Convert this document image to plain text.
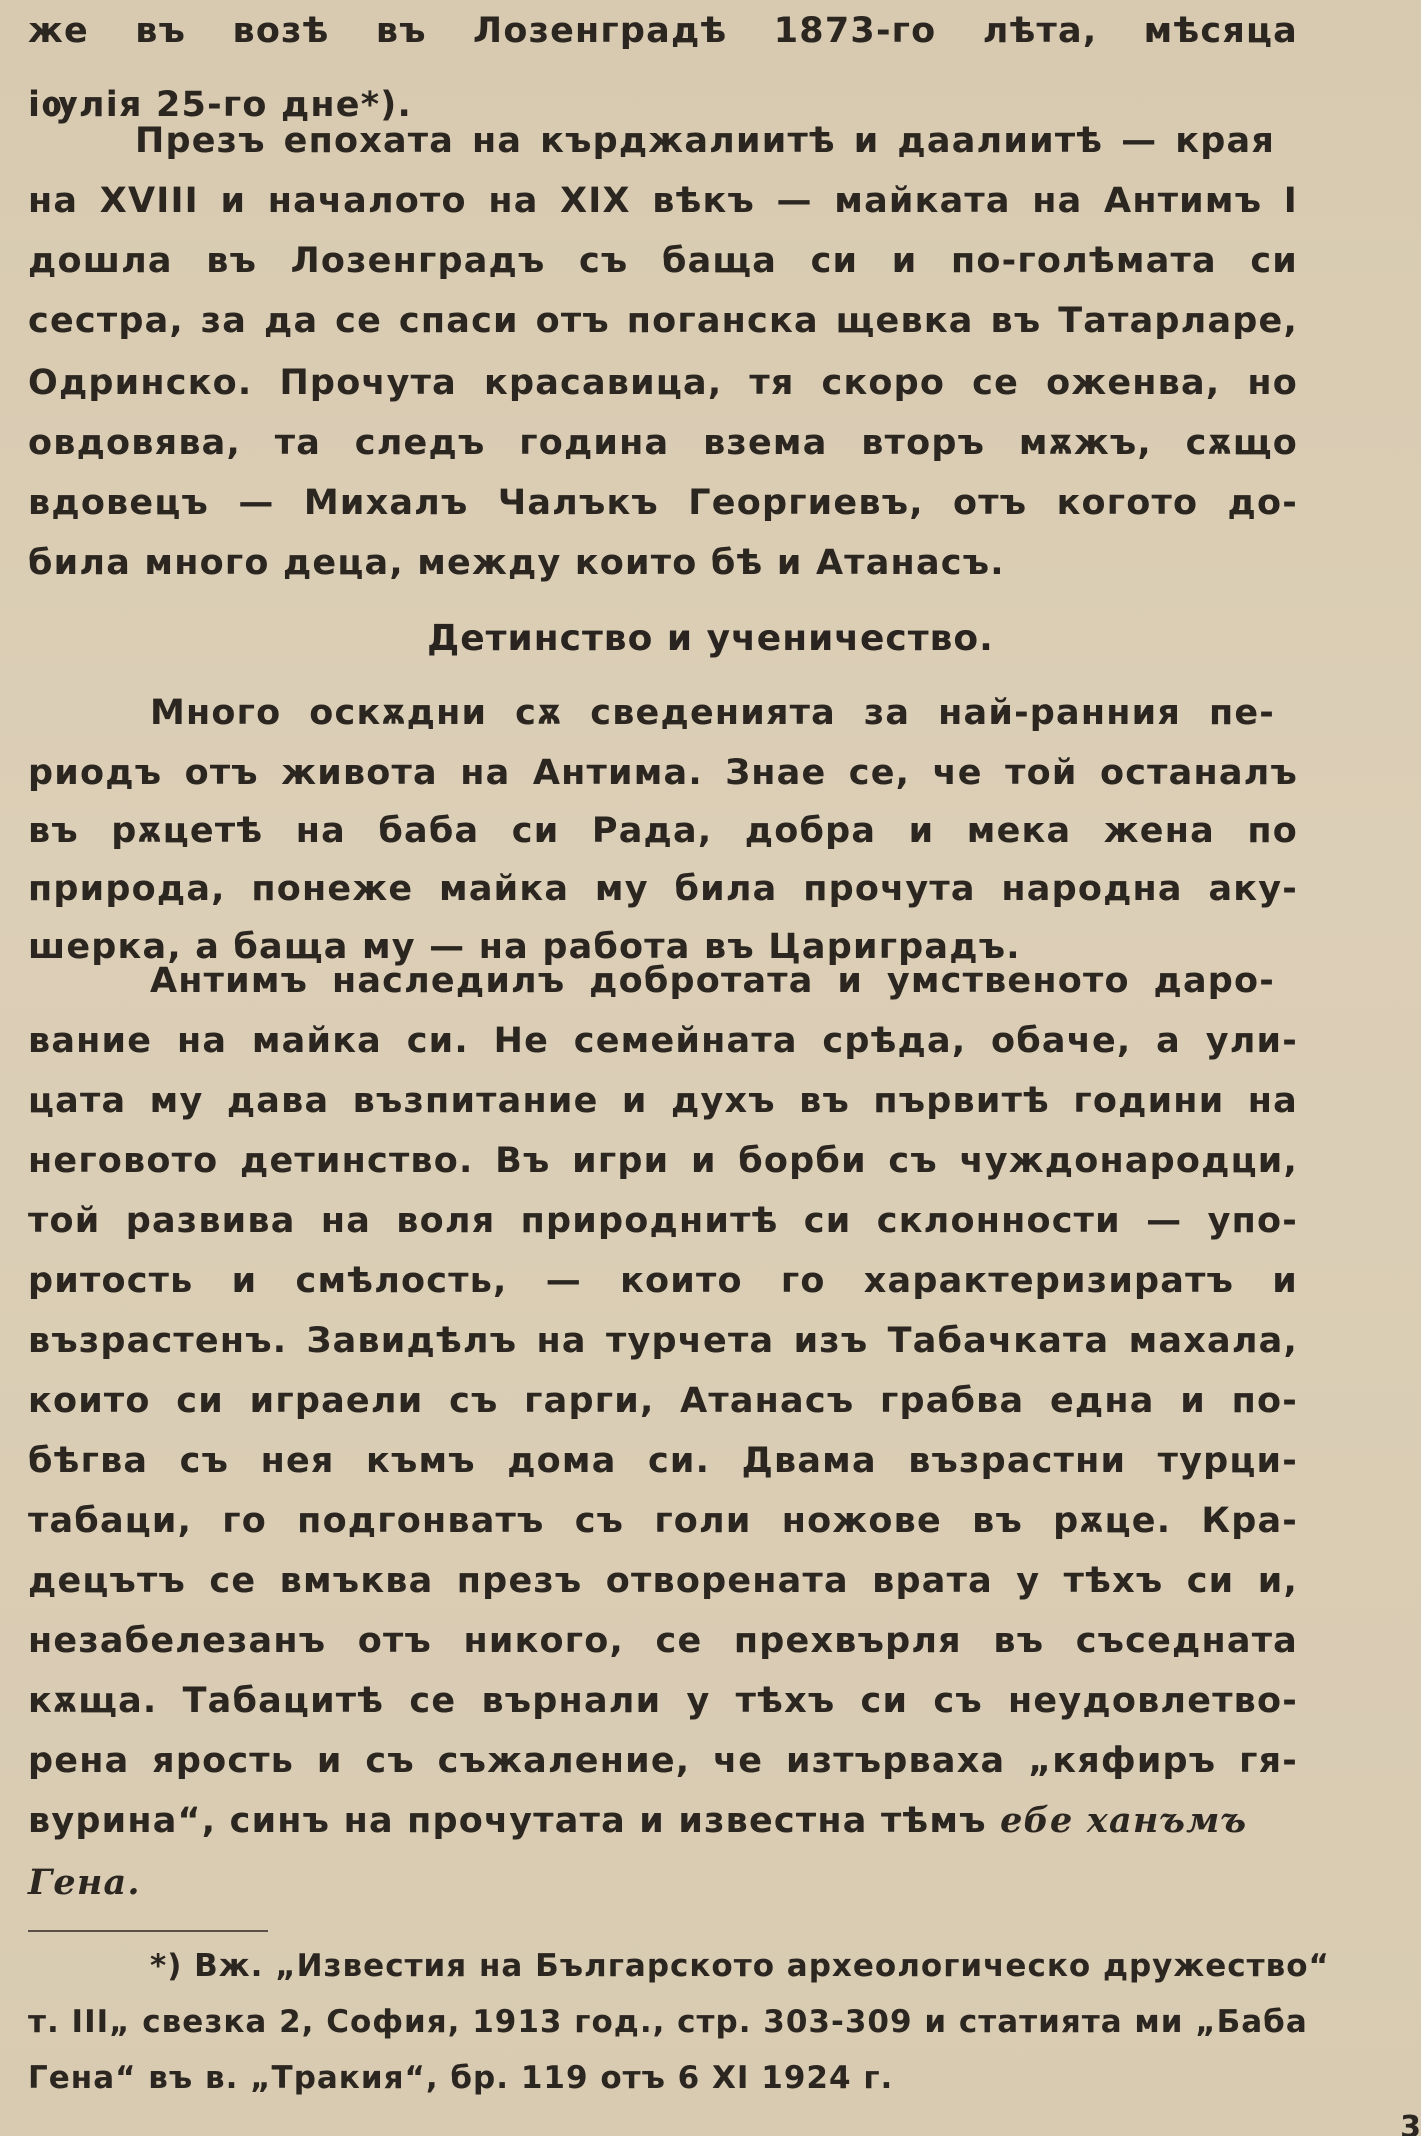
же въ возѣ въ Лозенградѣ 1873-го лѣта, мѣсяца
іѹлія 25-го дне*).
Презъ епохата на кърджалиитѣ и даалиитѣ — края
на XVIII и началото на XIX вѣкъ — майката на Антимъ I
дошла въ Лозенградъ съ баща си и по-голѣмата си
сестра, за да се спаси отъ поганска щевка въ Татарларе,
Одринско. Прочута красавица, тя скоро се оженва, но
овдовява, та следъ година взема вторъ мѫжъ, сѫщо
вдовецъ — Михалъ Чалъкъ Георгиевъ, отъ когото до-
била много деца, между които бѣ и Атанасъ.
Детинство и ученичество.
Много оскѫдни сѫ сведенията за най-ранния пе-
риодъ отъ живота на Антима. Знае се, че той останалъ
въ рѫцетѣ на баба си Рада, добра и мека жена по
природа, понеже майка му била прочута народна аку-
шерка, а баща му — на работа въ Цариградъ.
Антимъ наследилъ добротата и умственото даро-
вание на майка си. Не семейната срѣда, обаче, а ули-
цата му дава възпитание и духъ въ първитѣ години на
неговото детинство. Въ игри и борби съ чуждонародци,
той развива на воля природнитѣ си склонности — упо-
ритость и смѣлость, — които го характеризиратъ и
възрастенъ. Завидѣлъ на турчета изъ Табачката махала,
които си играели съ гарги, Атанасъ грабва една и по-
бѣгва съ нея къмъ дома си. Двама възрастни турци-
табаци, го подгонватъ съ голи ножове въ рѫце. Кра-
децътъ се вмъква презъ отворената врата у тѣхъ си и,
незабелезанъ отъ никого, се прехвърля въ съседната
кѫща. Табацитѣ се върнали у тѣхъ си съ неудовлетво-
рена ярость и съ съжаление, че изтърваха „кяфиръ гя-
вурина“, синъ на прочутата и известна тѣмъ ебе ханъмъ
Гена.
*) Вж. „Известия на Българското археологическо дружество“
т. III„ свезка 2, София, 1913 год., стр. 303-309 и статията ми „Баба
Гена“ въ в. „Тракия“, бр. 119 отъ 6 XI 1924 г.
3
